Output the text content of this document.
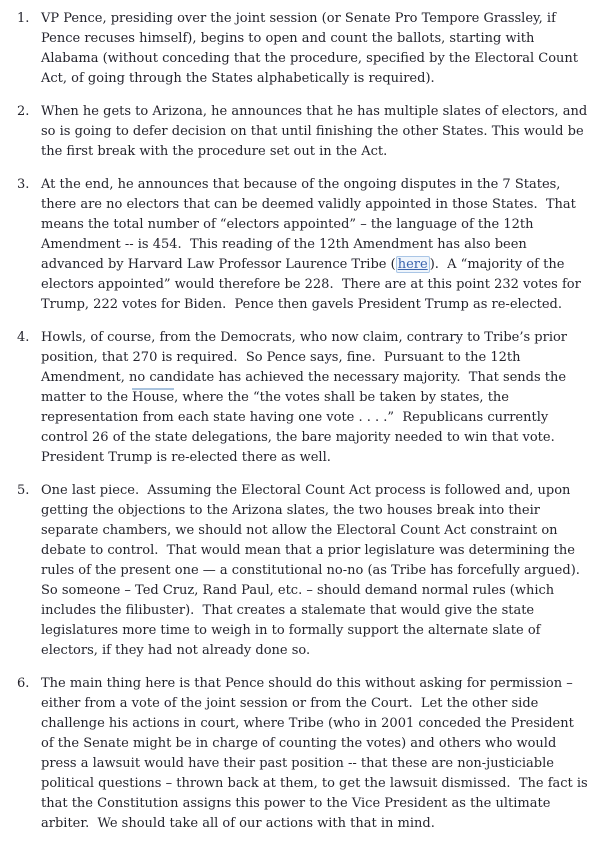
1. VP Pence, presiding over the joint session (or Senate Pro Tempore Grassley, if Pence recuses himself), begins to open and count the ballots, starting with Alabama (without conceding that the procedure, specified by the Electoral Count Act, of going through the States alphabetically is required).

2. When he gets to Arizona, he announces that he has multiple slates of electors, and so is going to defer decision on that until finishing the other States. This would be the first break with the procedure set out in the Act.

3. At the end, he announces that because of the ongoing disputes in the 7 States, there are no electors that can be deemed validly appointed in those States.  That means the total number of “electors appointed” – the language of the 12th Amendment -- is 454.  This reading of the 12th Amendment has also been advanced by Harvard Law Professor Laurence Tribe ( here ).  A “majority of the electors appointed” would therefore be 228.  There are at this point 232 votes for Trump, 222 votes for Biden.  Pence then gavels President Trump as re-elected.

4. Howls, of course, from the Democrats, who now claim, contrary to Tribe’s prior position, that 270 is required.  So Pence says, fine.  Pursuant to the 12th Amendment, no candidate has achieved the necessary majority.  That sends the matter to the House, where the “the votes shall be taken by states, the representation from each state having one vote . . . .”  Republicans currently control 26 of the state delegations, the bare majority needed to win that vote.  President Trump is re-elected there as well.

5. One last piece.  Assuming the Electoral Count Act process is followed and, upon getting the objections to the Arizona slates, the two houses break into their separate chambers, we should not allow the Electoral Count Act constraint on debate to control.  That would mean that a prior legislature was determining the rules of the present one — a constitutional no-no (as Tribe has forcefully argued).  So someone – Ted Cruz, Rand Paul, etc. – should demand normal rules (which includes the filibuster).  That creates a stalemate that would give the state legislatures more time to weigh in to formally support the alternate slate of electors, if they had not already done so.

6. The main thing here is that Pence should do this without asking for permission – either from a vote of the joint session or from the Court.  Let the other side challenge his actions in court, where Tribe (who in 2001 conceded the President of the Senate might be in charge of counting the votes) and others who would press a lawsuit would have their past position -- that these are non-justiciable political questions – thrown back at them, to get the lawsuit dismissed.  The fact is that the Constitution assigns this power to the Vice President as the ultimate arbiter.  We should take all of our actions with that in mind.
